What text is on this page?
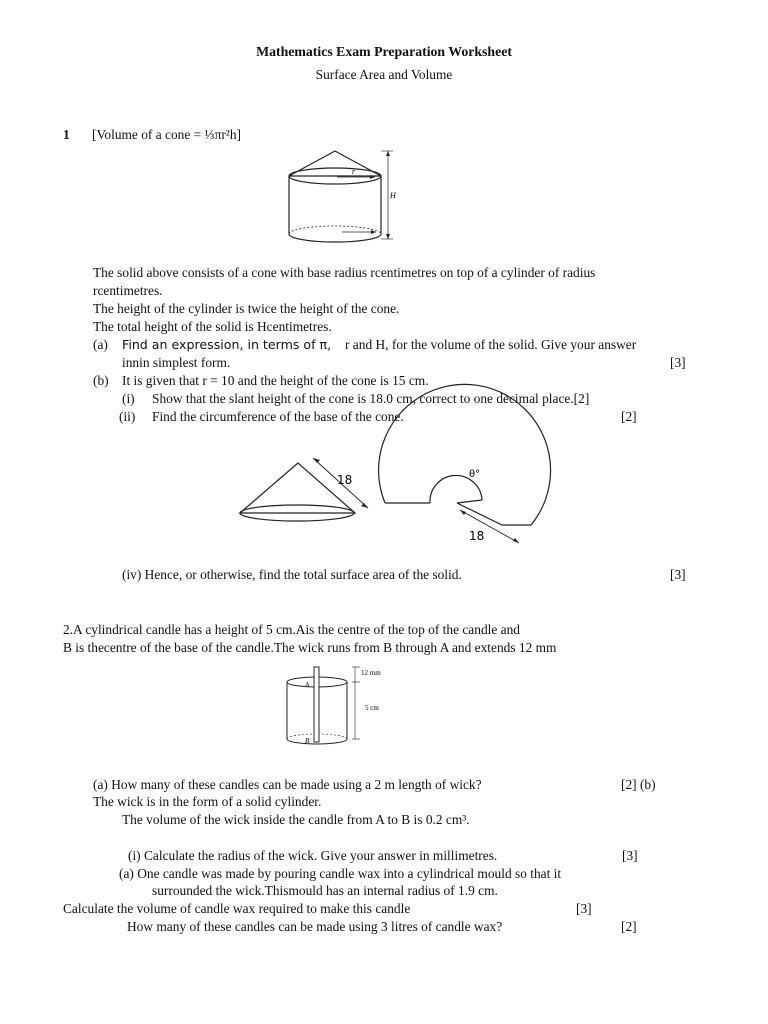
Mathematics Exam Preparation Worksheet
Surface Area and Volume
1 [Volume of a cone = ⅓πr²h]
r
H
The solid above consists of a cone with base radius rcentimetres on top of a cylinder of radius
rcentimetres.
The height of the cylinder is twice the height of the cone.
The total height of the solid is Hcentimetres.
(a) Find an expression, in terms of π, r and H, for the volume of the solid. Give your answer
innin simplest form.	[3]
(b) It is given that r = 10 and the height of the cone is 15 cm.
(i) Show that the slant height of the cone is 18.0 cm, correct to one decimal place.[2]
(ii) Find the circumference of the base of the cone.	[2]
18	θ°
18
(iv) Hence, or otherwise, find the total surface area of the solid.	[3]
2.A cylindrical candle has a height of 5 cm.Ais the centre of the top of the candle and
B is thecentre of the base of the candle.The wick runs from B through A and extends 12 mm
12 mm
5 cm
A
B
(a) How many of these candles can be made using a 2 m length of wick?	[2] (b)
The wick is in the form of a solid cylinder.
The volume of the wick inside the candle from A to B is 0.2 cm³.
(i) Calculate the radius of the wick. Give your answer in millimetres.	[3]
(a) One candle was made by pouring candle wax into a cylindrical mould so that it
surrounded the wick.Thismould has an internal radius of 1.9 cm.
Calculate the volume of candle wax required to make this candle	[3]
How many of these candles can be made using 3 litres of candle wax?	[2]
